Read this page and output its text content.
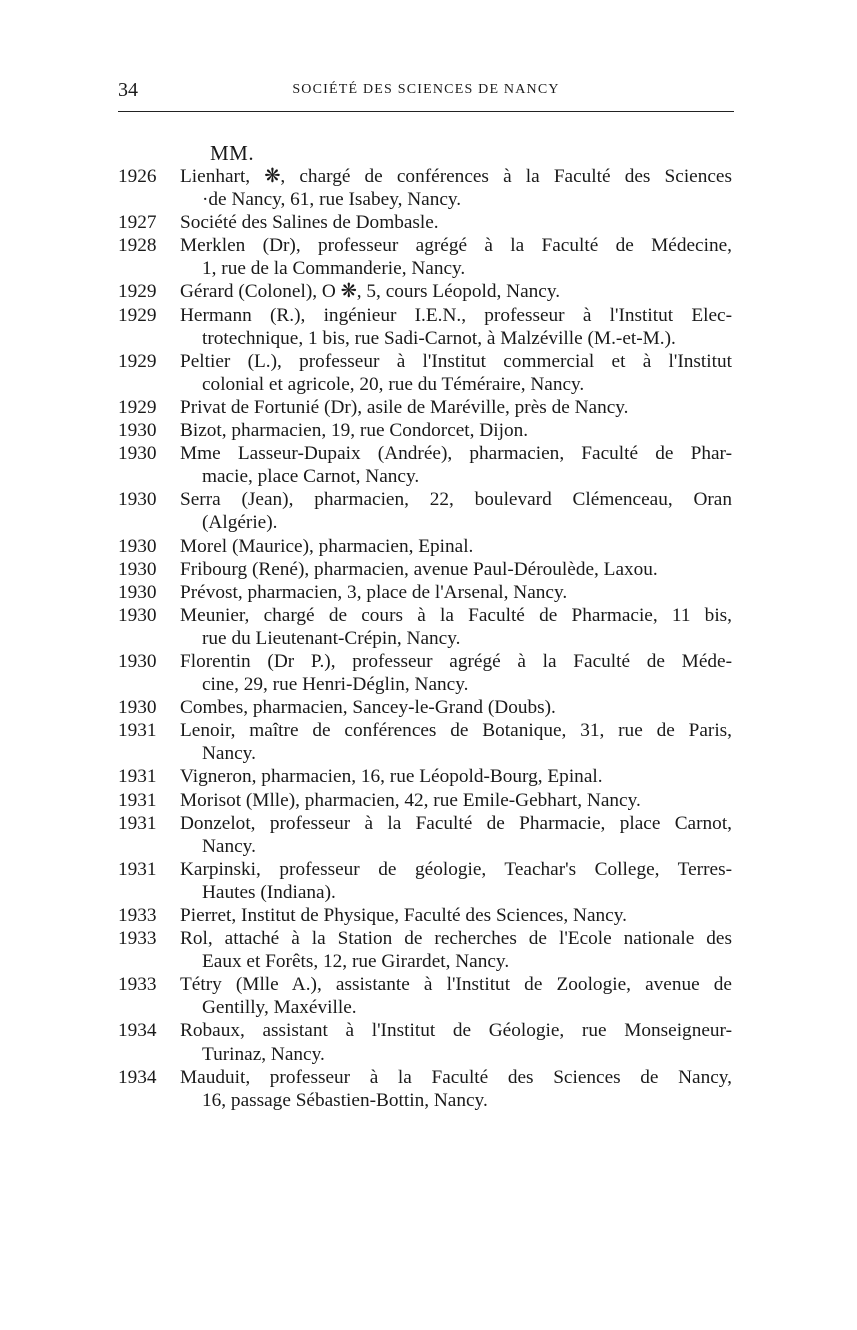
34	SOCIÉTÉ DES SCIENCES DE NANCY
MM.
1926 Lienhart, ❋, chargé de conférences à la Faculté des Sciences
·de Nancy, 61, rue Isabey, Nancy.
1927 Société des Salines de Dombasle.
1928 Merklen (Dr), professeur agrégé à la Faculté de Médecine,
1, rue de la Commanderie, Nancy.
1929 Gérard (Colonel), O ❋, 5, cours Léopold, Nancy.
1929 Hermann (R.), ingénieur I.E.N., professeur à l'Institut Elec-
trotechnique, 1 bis, rue Sadi-Carnot, à Malzéville (M.-et-M.).
1929 Peltier (L.), professeur à l'Institut commercial et à l'Institut
colonial et agricole, 20, rue du Téméraire, Nancy.
1929 Privat de Fortunié (Dr), asile de Maréville, près de Nancy.
1930 Bizot, pharmacien, 19, rue Condorcet, Dijon.
1930 Mme Lasseur-Dupaix (Andrée), pharmacien, Faculté de Phar-
macie, place Carnot, Nancy.
1930 Serra (Jean), pharmacien, 22, boulevard Clémenceau, Oran
(Algérie).
1930 Morel (Maurice), pharmacien, Epinal.
1930 Fribourg (René), pharmacien, avenue Paul-Déroulède, Laxou.
1930 Prévost, pharmacien, 3, place de l'Arsenal, Nancy.
1930 Meunier, chargé de cours à la Faculté de Pharmacie, 11 bis,
rue du Lieutenant-Crépin, Nancy.
1930 Florentin (Dr P.), professeur agrégé à la Faculté de Méde-
cine, 29, rue Henri-Déglin, Nancy.
1930 Combes, pharmacien, Sancey-le-Grand (Doubs).
1931 Lenoir, maître de conférences de Botanique, 31, rue de Paris,
Nancy.
1931 Vigneron, pharmacien, 16, rue Léopold-Bourg, Epinal.
1931 Morisot (Mlle), pharmacien, 42, rue Emile-Gebhart, Nancy.
1931 Donzelot, professeur à la Faculté de Pharmacie, place Carnot,
Nancy.
1931 Karpinski, professeur de géologie, Teachar's College, Terres-
Hautes (Indiana).
1933 Pierret, Institut de Physique, Faculté des Sciences, Nancy.
1933 Rol, attaché à la Station de recherches de l'Ecole nationale des
Eaux et Forêts, 12, rue Girardet, Nancy.
1933 Tétry (Mlle A.), assistante à l'Institut de Zoologie, avenue de
Gentilly, Maxéville.
1934 Robaux, assistant à l'Institut de Géologie, rue Monseigneur-
Turinaz, Nancy.
1934 Mauduit, professeur à la Faculté des Sciences de Nancy,
16, passage Sébastien-Bottin, Nancy.
